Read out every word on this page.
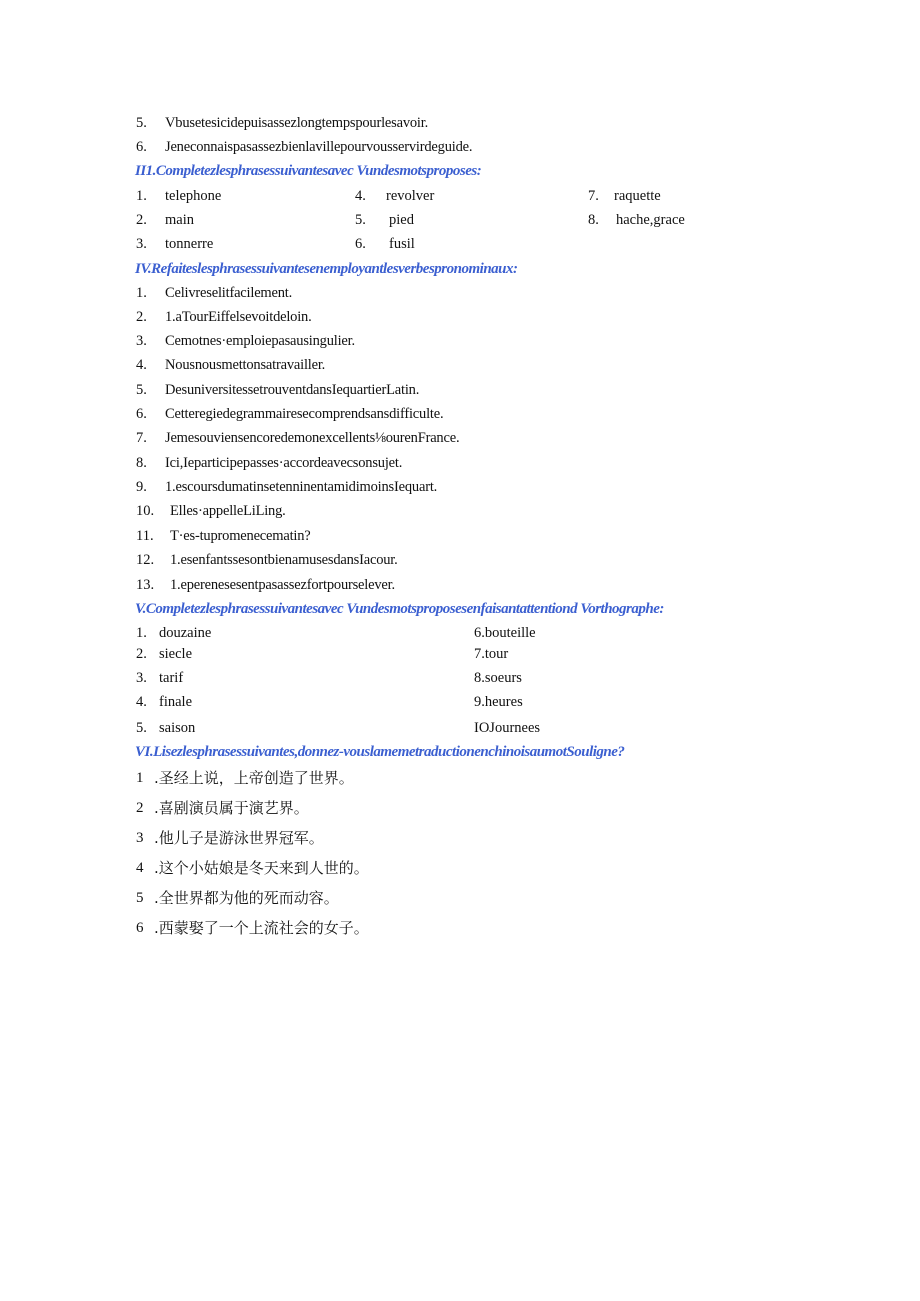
5. Vbusetesicidepuisassezlongtempspourlesavoir.
6. Jeneconnaispasassezbienlavillepourvousservirdeguide.
II1.Completezlesphrasessuivantesavec Vundesmotsproposes:
1. telephone	4. revolver	7. raquette
2. main	5. pied	8. hache,grace
3. tonnerre	6. fusil
IV.Refaiteslesphrasessuivantesenemployantlesverbespronominaux:
1. Celivreselitfacilement.
2. 1.aTourEiffelsevoitdeloin.
3. Cemotnes·emploiepasausingulier.
4. Nousnousmettonsatravailler.
5. DesuniversitessetrouventdansIequartierLatin.
6. Cetteregiedegrammairesecomprendsansdifficulte.
7. Jemesouviensencoredemonexcellents⅛ourenFrance.
8. Ici,Ieparticipepasses·accordeavecsonsujet.
9. 1.escoursdumatinsetenninentamidimoinsIequart.
10. Elles·appelleLiLing.
11. T·es-tupromenecematin?
12. 1.esenfantssesontbienamusesdansIacour.
13. 1.eperenesesentpasassezfortpourselever.
V.Completezlesphrasessuivantesavec Vundesmotsproposesenfaisantattentiond Vorthographe:
1. douzaine	6.bouteille
2. siecle	7.tour
3. tarif	8.soeurs
4. finale	9.heures
5. saison	IOJournees
VI.Lisezlesphrasessuivantes,donnez-vouslamemetraductionenchinoisaumotSouligne?
1 .圣经上说，上帝创造了世界。
2 .喜剧演员属于演艺界。
3 .他儿子是游泳世界冠军。
4 .这个小姑娘是冬天来到人世的。
5 .全世界都为他的死而动容。
6 .西蒙娶了一个上流社会的女子。
